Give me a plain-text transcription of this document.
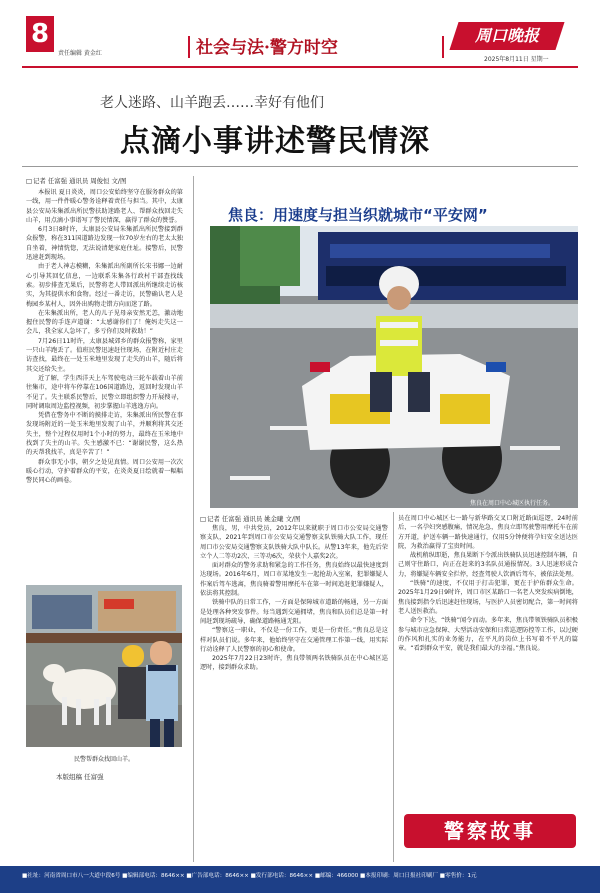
8
责任编辑 黄金红	社会与法·警方时空
周口晚报
2025年8月11日 星期一
老人迷路、山羊跑丢……幸好有他们
点滴小事讲述警民情深
□ 记者 任富强 通讯员 周俊恒 文/图

本报讯 夏日炎炎，周口公安始终坚守在服务群众的第一线，用一件件暖心警务诠释着责任与担当。其中，太康县公安局朱集派出所民警扶助迷路老人、帮群众找回走失山羊，用点滴小事谱写了警民情深，赢得了群众的赞誉。

6月3日8时许，太康县公安局朱集派出所民警接到群众报警，称在311国道路边发现一位70岁左右的老太太独自坐着，神情恍惚，无法说清楚家庭住址。接警后，民警迅速赶到现场。

由于老人神志模糊，朱集派出所副所长宋书娜一边耐心引导其回忆信息，一边联系朱集各行政村干部查找线索。初步排查无果后，民警将老人带回派出所继续走访核实，为其提供水和食物。经过一番走访，民警确认老人是梅园乡某村人，因外出购物走错方向而迷了路。

在朱集派出所，老人的儿子见母亲安然无恙，激动地握住民警的手连声道谢：“太感谢你们了！俺妈走失这一会儿，我全家人急坏了，多亏你们及时救助！”

7月26日11时许，太康县城郊乡的群众报警称，家里一只山羊跑丢了。值班民警迅速赶往现场，在附近村庄走访查找，最终在一处玉米地里发现了走失的山羊，随后将其交还给失主。

近了解，学生西洋天上车驾驶电动三轮车载着山羊前往集市，途中将车停靠在106国道路边，返回时发现山羊不见了。失主联系民警后，民警立即组织警力开展搜寻，同时调取周边监控视频，初步掌握山羊逃逸方向。

凭借在警务中不断的摸排走访，朱集派出所民警在事发现场附近的一处玉米地里发现了山羊，并顺利将其交还失主，整个过程仅用时1个小时的努力，最终在玉米地中找到了失主的山羊。失主感激不已：“谢谢民警，这么热的天帮我找羊，真是辛苦了！”

群众事无小事，朝夕之处见真情。周口公安用一次次暖心行动，守护着群众的平安，在炎炎夏日绘就着一幅幅警民同心的画卷。

民警帮群众找回山羊。
本版组稿 任富强
焦良：用速度与担当织就城市“平安网”
焦良在周口中心城区执行任务。
□ 记者 任富强 通讯员 姚金曦 文/图

焦良，男，中共党员，2012年以来就职于周口市公安局交通警察支队，2021年到周口市公安局交通警察支队铁骑大队工作，现任周口市公安局交通警察支队铁骑大队中队长。从警13年来，他先后荣立个人二等功2次、三等功6次，荣获个人嘉奖2次。

面对群众的警务求助和紧急的工作任务，焦良始终以最快速度到达现场。2016年6月，周口市某地发生一起抢劫入室案，犯罪嫌疑人作案后驾车逃离，焦良骑着警用摩托车在第一时间追赶犯罪嫌疑人，依法将其控制。

铁骑中队的日常工作，一方面是保障城市道路的畅通，另一方面是处理各种突发事件。每当遇到交通拥堵，焦良和队员们总是第一时间赶到现场疏导，确保道路畅通无阻。

“警察这一职业，不仅是一份工作，更是一份责任。”焦良总是这样对队员们说。多年来，他始终坚守在交通管理工作第一线，用实际行动诠释了人民警察的初心和使命。

2025年7月22日23时许，焦良带领两名铁骑队员在中心城区巡逻时，接到群众求助。

员在周口中心城区七一路与新华路交叉口附近路面巡逻，24时前后，一名孕妇突感腹痛，情况危急，焦良立即驾驶警用摩托车在前方开道，护送车辆一路快速通行，仅用5分钟便将孕妇安全送达医院，为救治赢得了宝贵时间。

战机稍纵即逝，焦良果断下令派出铁骑队员迅速控制车辆，自己则守住路口，向正在赶来的3名队员通报情况。3人迅速形成合力，将嫌疑车辆安全拦停，经查驾驶人饮酒后驾车，被依法处理。

“铁骑”的速度，不仅用于打击犯罪，更在于护佑群众生命。2025年1月29日9时许，周口市区某路口一名老人突发疾病倒地，焦良接到指令后迅速赶往现场，与医护人员密切配合，第一时间将老人送医救治。

命令下达，“铁骑”闻令而动。多年来，焦良带领铁骑队员积极参与城市应急保障、大型活动安保和日常巡逻防控等工作，以过硬的作风和扎实的业务能力，在平凡的岗位上书写着不平凡的篇章。“看到群众平安，就是我们最大的幸福。”焦良说。

警察故事
■社址：河南省周口市八一大道中段6号 ■编辑部电话：8646×× ■广告部电话：8646×× ■发行部电话：8646×× ■邮编：466000 ■本报印刷：周口日报社印刷厂 ■零售价：1元
